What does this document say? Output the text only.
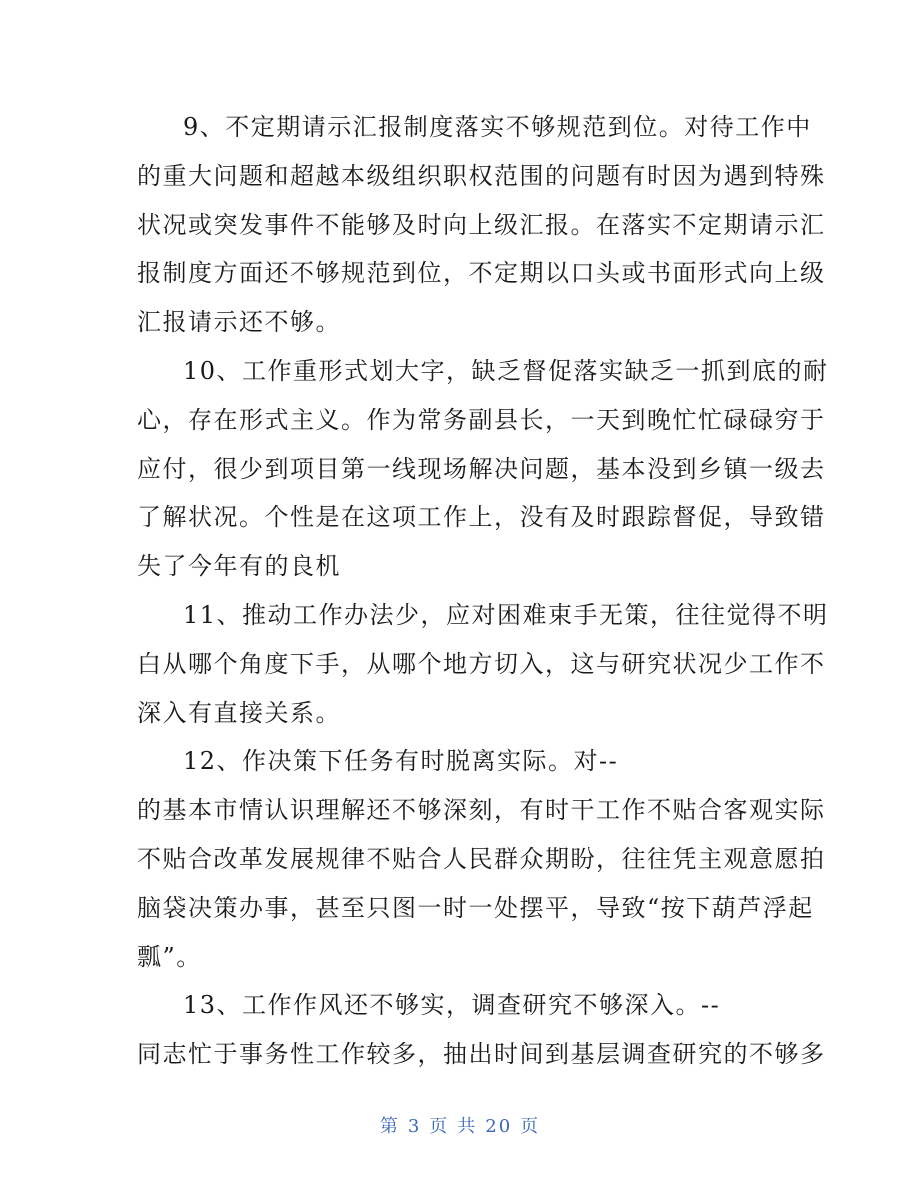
9、不定期请示汇报制度落实不够规范到位。对待工作中
的重大问题和超越本级组织职权范围的问题有时因为遇到特殊
状况或突发事件不能够及时向上级汇报。在落实不定期请示汇
报制度方面还不够规范到位，不定期以口头或书面形式向上级
汇报请示还不够。
10、工作重形式划大字，缺乏督促落实缺乏一抓到底的耐
心，存在形式主义。作为常务副县长，一天到晚忙忙碌碌穷于
应付，很少到项目第一线现场解决问题，基本没到乡镇一级去
了解状况。个性是在这项工作上，没有及时跟踪督促，导致错
失了今年有的良机
11、推动工作办法少，应对困难束手无策，往往觉得不明
白从哪个角度下手，从哪个地方切入，这与研究状况少工作不
深入有直接关系。
12、作决策下任务有时脱离实际。对--
的基本市情认识理解还不够深刻，有时干工作不贴合客观实际
不贴合改革发展规律不贴合人民群众期盼，往往凭主观意愿拍
脑袋决策办事，甚至只图一时一处摆平，导致“按下葫芦浮起
瓢”。
13、工作作风还不够实，调查研究不够深入。--
同志忙于事务性工作较多，抽出时间到基层调查研究的不够多
第 3 页 共 20 页
